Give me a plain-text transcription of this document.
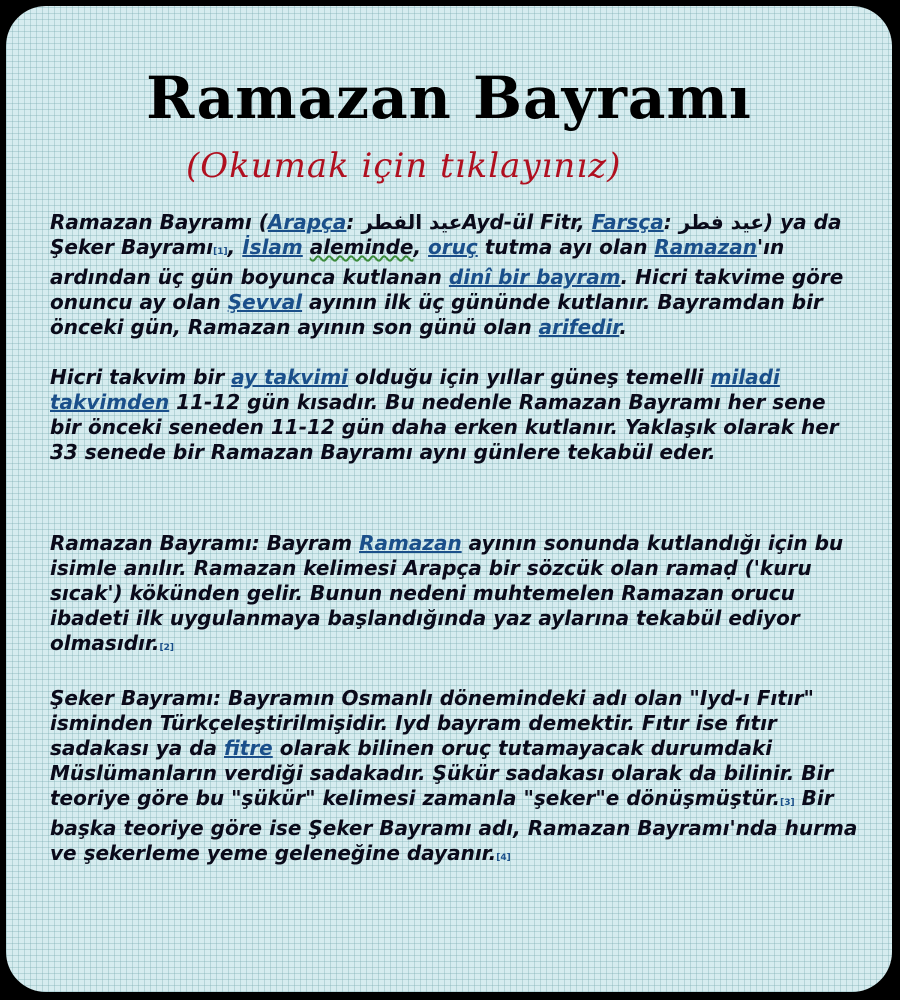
Ramazan Bayramı
(Okumak için tıklayınız)

Ramazan Bayramı (Arapça: عيد الفطرAyd-ül Fitr, Farsça: عيد فطر) ya da Şeker Bayramı[1], İslam aleminde, oruç tutma ayı olan Ramazan'ın ardından üç gün boyunca kutlanan dinî bir bayram. Hicri takvime göre onuncu ay olan Şevval ayının ilk üç gününde kutlanır. Bayramdan bir önceki gün, Ramazan ayının son günü olan arifedir.

Hicri takvim bir ay takvimi olduğu için yıllar güneş temelli miladi takvimden 11-12 gün kısadır. Bu nedenle Ramazan Bayramı her sene bir önceki seneden 11-12 gün daha erken kutlanır. Yaklaşık olarak her 33 senede bir Ramazan Bayramı aynı günlere tekabül eder.

Ramazan Bayramı: Bayram Ramazan ayının sonunda kutlandığı için bu isimle anılır. Ramazan kelimesi Arapça bir sözcük olan ramaḍ ('kuru sıcak') kökünden gelir. Bunun nedeni muhtemelen Ramazan orucu ibadeti ilk uygulanmaya başlandığında yaz aylarına tekabül ediyor olmasıdır.[2]

Şeker Bayramı: Bayramın Osmanlı dönemindeki adı olan "Iyd-ı Fıtır" isminden Türkçeleştirilmişidir. Iyd bayram demektir. Fıtır ise fıtır sadakası ya da fitre olarak bilinen oruç tutamayacak durumdaki Müslümanların verdiği sadakadır. Şükür sadakası olarak da bilinir. Bir teoriye göre bu "şükür" kelimesi zamanla "şeker"e dönüşmüştür.[3] Bir başka teoriye göre ise Şeker Bayramı adı, Ramazan Bayramı'nda hurma ve şekerleme yeme geleneğine dayanır.[4]
